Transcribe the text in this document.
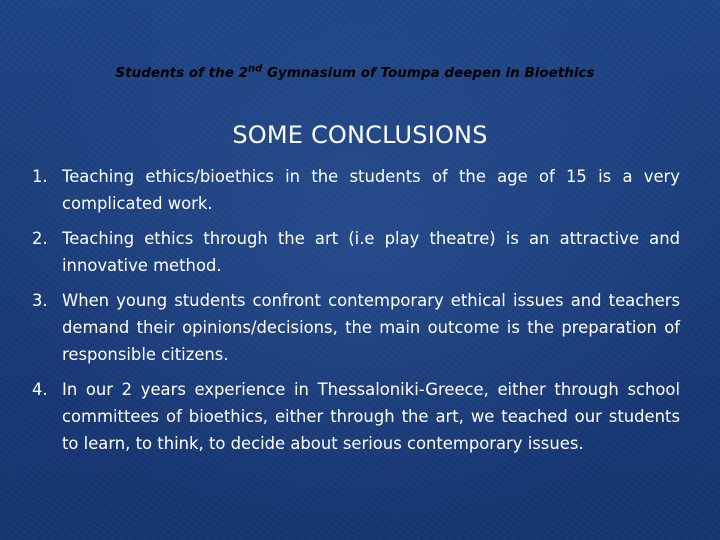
Students of the 2nd Gymnasium of Toumpa deepen in Bioethics
SOME CONCLUSIONS
1. Teaching ethics/bioethics in the students of the age of 15 is a very complicated work.
2. Teaching ethics through the art (i.e play theatre) is an attractive and innovative method.
3. When young students confront contemporary ethical issues and teachers demand their opinions/decisions, the main outcome is the preparation of responsible citizens.
4. In our 2 years experience in Thessaloniki-Greece, either through school committees of bioethics, either through the art, we teached our students to learn, to think, to decide about serious contemporary issues.
